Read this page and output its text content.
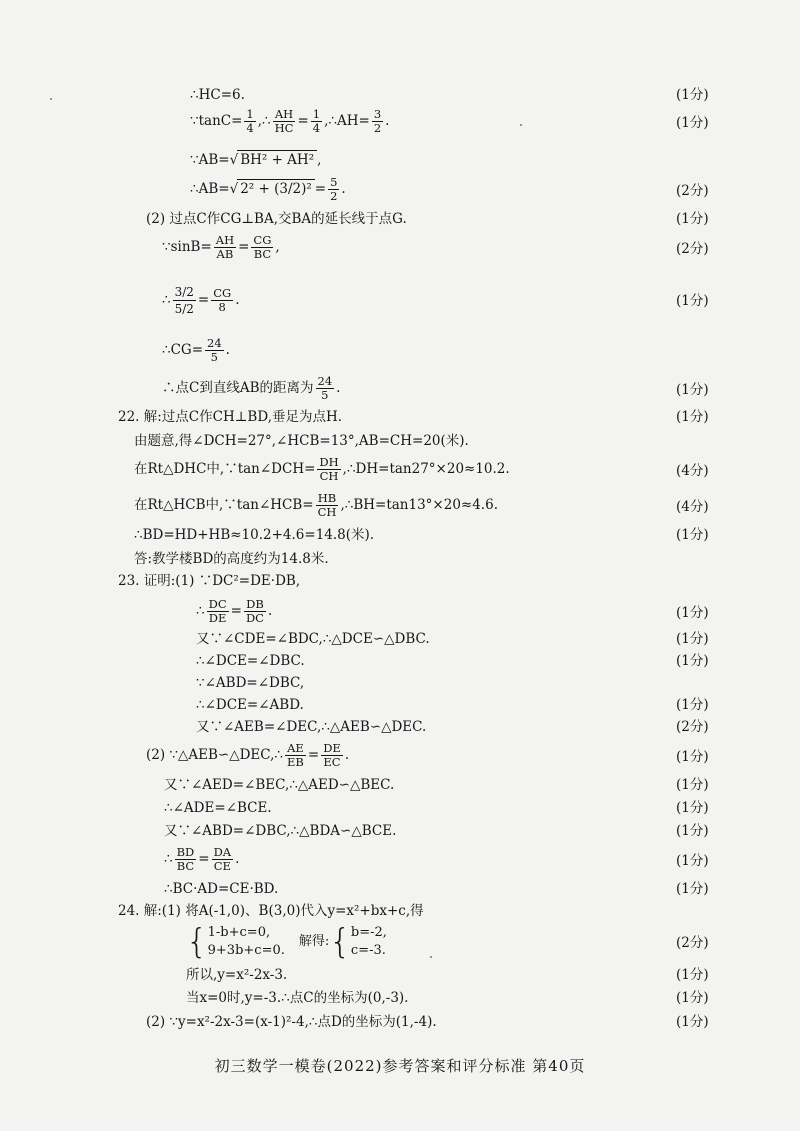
∴HC=6.	(1分)
∵tanC= $\frac{1}{4}$ ,∴ $\frac{AH}{HC} = \frac{1}{4}$ ,∴AH= $\frac{3}{2}$ .	(1分)
∵AB=√ BH² + AH² ,
∴AB=√ $2^2 + (3/2)^2 = \frac{5}{2}$ .	(2分)
(2) 过点C作CG⊥BA,交BA的延长线于点G.	(1分)
∵sinB= $\frac{AH}{AB} = \frac{CG}{BC}$ ,	(2分)
∴ $\frac{3/2}{5/2} = \frac{CG}{8}$ .	(1分)
∴CG= $\frac{24}{5}$ .
∴点C到直线AB的距离为 $\frac{24}{5}$ .	(1分)
22. 解:过点C作CH⊥BD,垂足为点H.	(1分)
由题意,得∠DCH=27°,∠HCB=13°,AB=CH=20(米).
在Rt△DHC中,∵tan∠DCH= $\frac{DH}{CH}$ ,∴DH=tan27°×20≈10.2.	(4分)
在Rt△HCB中,∵tan∠HCB= $\frac{HB}{CH}$ ,∴BH=tan13°×20≈4.6.	(4分)
∴BD=HD+HB≈10.2+4.6=14.8(米).	(1分)
答:教学楼BD的高度约为14.8米.
23. 证明:(1) ∵DC²=DE·DB,
∴ $\frac{DC}{DE} = \frac{DB}{DC}$ .	(1分)
又∵∠CDE=∠BDC,∴△DCE∽△DBC.	(1分)
∴∠DCE=∠DBC.	(1分)
∵∠ABD=∠DBC,
∴∠DCE=∠ABD.	(1分)
又∵∠AEB=∠DEC,∴△AEB∽△DEC.	(2分)
(2) ∵△AEB∽△DEC,∴ $\frac{AE}{EB} = \frac{DE}{EC}$ .	(1分)
又∵∠AED=∠BEC,∴△AED∽△BEC.	(1分)
∴∠ADE=∠BCE.	(1分)
又∵∠ABD=∠DBC,∴△BDA∽△BCE.	(1分)
∴ $\frac{BD}{BC} = \frac{DA}{CE}$ .	(1分)
∴BC·AD=CE·BD.	(1分)
24. 解:(1) 将A(-1,0)、B(3,0)代入y=x²+bx+c,得
{ 1-b+c=0,
9+3b+c=0.
解得:{ b=-2,
c=-3.	(2分)
所以,y=x²-2x-3.	(1分)
当x=0时,y=-3.∴点C的坐标为(0,-3).	(1分)
(2) ∵y=x²-2x-3=(x-1)²-4,∴点D的坐标为(1,-4).	(1分)
初三数学一模卷(2022)参考答案和评分标准 第40页
